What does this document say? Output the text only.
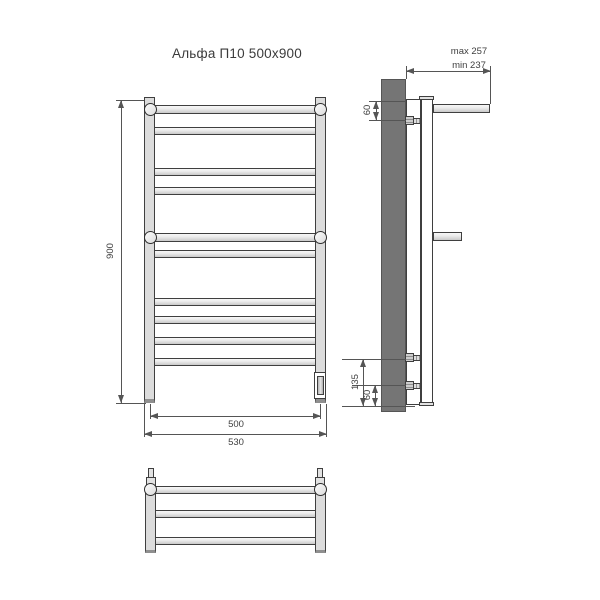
Альфа П10 500x900
900
500
530
max 257
min 237
60
135
60
